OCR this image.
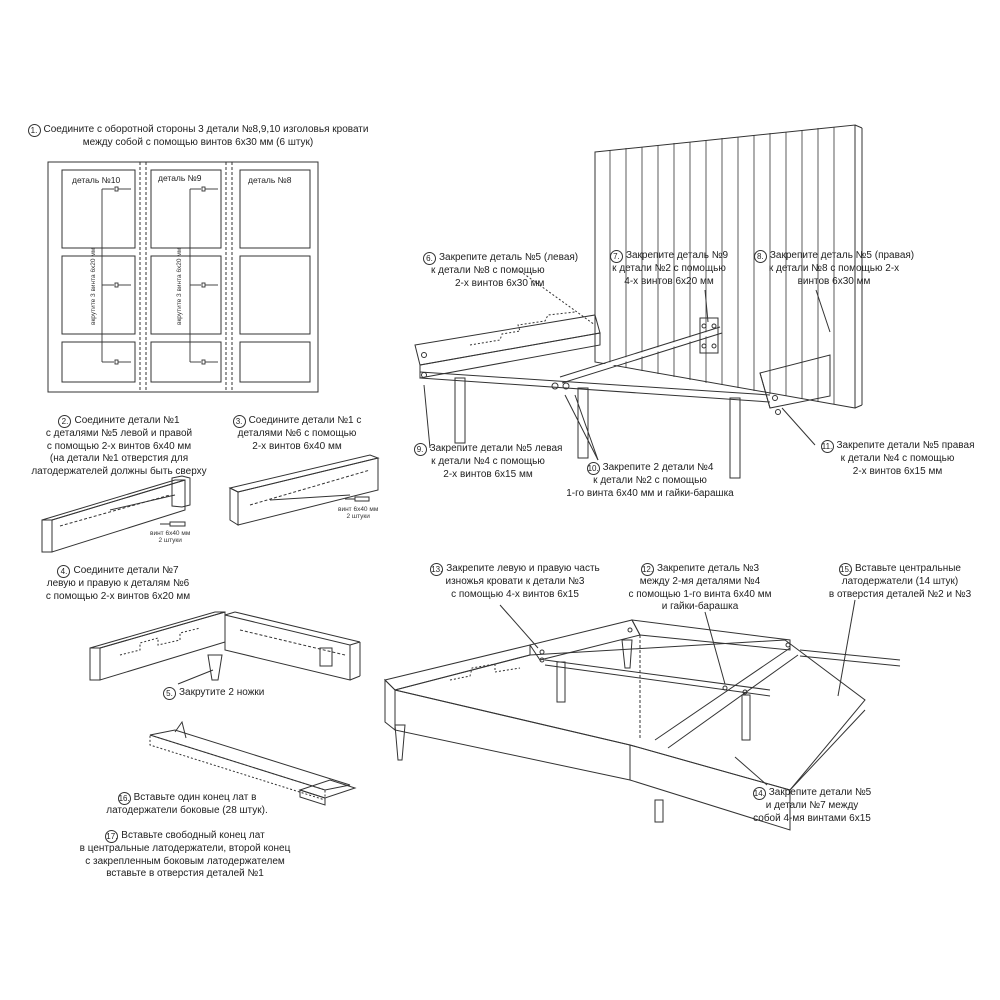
1. Соедините с оборотной стороны 3 детали №8,9,10 изголовья кровати
между собой с помощью винтов 6x30 мм (6 штук)
деталь №10	деталь №9	деталь №8
вкрутите 3 винта 6х20 мм	вкрутите 3 винта 6х20 мм	6. Закрепите деталь №5 (левая)
к детали №8 с помощью
2-х винтов 6х30 мм
7. Закрепите деталь №9
к детали №2 с помощью
4-х винтов 6х20 мм
8. Закрепите деталь №5 (правая)
к детали №8 с помощью 2-х
винтов 6х30 мм
2. Соедините детали №1
с деталями №5 левой и правой
с помощью 2-х винтов 6х40 мм
(на детали №1 отверстия для
латодержателей должны быть сверху
3. Соедините детали №1 с
деталями №6 с помощью
2-х винтов 6х40 мм
винт 6х40 мм
2 штуки
винт 6х40 мм
2 штуки
9. Закрепите детали №5 левая
к детали №4 с помощью
2-х винтов 6х15 мм	10. Закрепите 2 детали №4
к детали №2 с помощью
1-го винта 6х40 мм и гайки-барашка
11. Закрепите детали №5 правая
к детали №4 с помощью
2-х винтов 6х15 мм
4. Соедините детали №7
левую и правую к деталям №6
с помощью 2-х винтов 6х20 мм
5. Закрутите 2 ножки
13. Закрепите левую и правую часть
изножья кровати к детали №3
с помощью 4-х винтов 6х15
12. Закрепите деталь №3
между 2-мя деталями №4
с помощью 1-го винта 6х40 мм
и гайки-барашка
15. Вставьте центральные
латодержатели (14 штук)
в отверстия деталей №2 и №3
14. Закрепите детали №5
и детали №7 между
собой 4-мя винтами 6х15
16. Вставьте один конец лат в
латодержатели боковые (28 штук).
17. Вставьте свободный конец лат
в центральные латодержатели, второй конец
с закрепленным боковым латодержателем
вставьте в отверстия деталей №1
